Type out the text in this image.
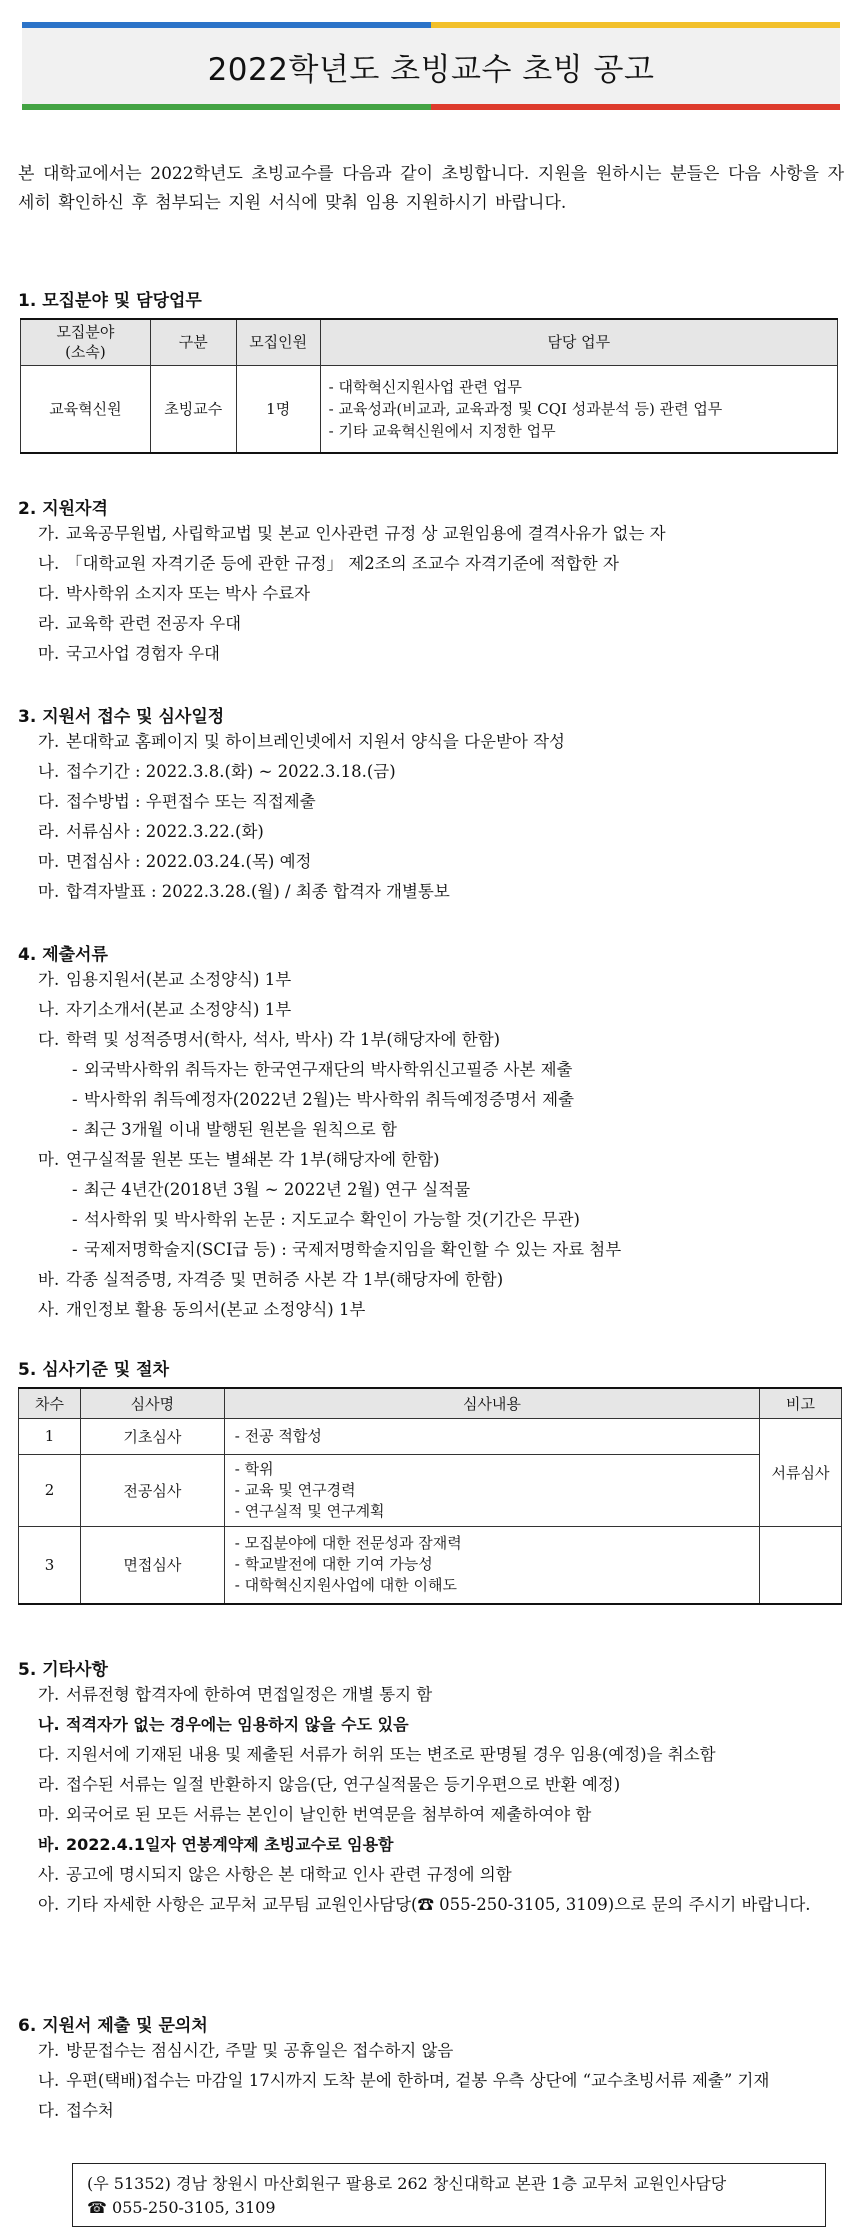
2022학년도 초빙교수 초빙 공고
본 대학교에서는 2022학년도 초빙교수를 다음과 같이 초빙합니다. 지원을 원하시는 분들은 다음 사항을 자세히 확인하신 후 첨부되는 지원 서식에 맞춰 임용 지원하시기 바랍니다.
1. 모집분야 및 담당업무
모집분야
(소속)	구분	모집인원	담당 업무
교육혁신원	초빙교수	1명	- 대학혁신지원사업 관련 업무
- 교육성과(비교과, 교육과정 및 CQI 성과분석 등) 관련 업무
- 기타 교육혁신원에서 지정한 업무
2. 지원자격
가. 교육공무원법, 사립학교법 및 본교 인사관련 규정 상 교원임용에 결격사유가 없는 자
나. 「대학교원 자격기준 등에 관한 규정」 제2조의 조교수 자격기준에 적합한 자
다. 박사학위 소지자 또는 박사 수료자
라. 교육학 관련 전공자 우대
마. 국고사업 경험자 우대
3. 지원서 접수 및 심사일정
가. 본대학교 홈페이지 및 하이브레인넷에서 지원서 양식을 다운받아 작성
나. 접수기간 : 2022.3.8.(화) ~ 2022.3.18.(금)
다. 접수방법 : 우편접수 또는 직접제출
라. 서류심사 : 2022.3.22.(화)
마. 면접심사 : 2022.03.24.(목) 예정
마. 합격자발표 : 2022.3.28.(월) / 최종 합격자 개별통보
4. 제출서류
가. 임용지원서(본교 소정양식) 1부
나. 자기소개서(본교 소정양식) 1부
다. 학력 및 성적증명서(학사, 석사, 박사) 각 1부(해당자에 한함)
- 외국박사학위 취득자는 한국연구재단의 박사학위신고필증 사본 제출
- 박사학위 취득예정자(2022년 2월)는 박사학위 취득예정증명서 제출
- 최근 3개월 이내 발행된 원본을 원칙으로 함
마. 연구실적물 원본 또는 별쇄본 각 1부(해당자에 한함)
- 최근 4년간(2018년 3월 ~ 2022년 2월) 연구 실적물
- 석사학위 및 박사학위 논문 : 지도교수 확인이 가능할 것(기간은 무관)
- 국제저명학술지(SCI급 등) : 국제저명학술지임을 확인할 수 있는 자료 첨부
바. 각종 실적증명, 자격증 및 면허증 사본 각 1부(해당자에 한함)
사. 개인정보 활용 동의서(본교 소정양식) 1부
5. 심사기준 및 절차
차수	심사명	심사내용	비고
1	기초심사	- 전공 적합성	서류심사
2	전공심사	- 학위
- 교육 및 연구경력
- 연구실적 및 연구계획	

3	면접심사	- 모집분야에 대한 전문성과 잠재력
- 학교발전에 대한 기여 가능성
- 대학혁신지원사업에 대한 이해도	

5. 기타사항
가. 서류전형 합격자에 한하여 면접일정은 개별 통지 함
나. 적격자가 없는 경우에는 임용하지 않을 수도 있음
다. 지원서에 기재된 내용 및 제출된 서류가 허위 또는 변조로 판명될 경우 임용(예정)을 취소함
라. 접수된 서류는 일절 반환하지 않음(단, 연구실적물은 등기우편으로 반환 예정)
마. 외국어로 된 모든 서류는 본인이 날인한 번역문을 첨부하여 제출하여야 함
바. 2022.4.1일자 연봉계약제 초빙교수로 임용함
사. 공고에 명시되지 않은 사항은 본 대학교 인사 관련 규정에 의함
아. 기타 자세한 사항은 교무처 교무팀 교원인사담당(☎ 055-250-3105, 3109)으로 문의 주시기 바랍니다.
6. 지원서 제출 및 문의처
가. 방문접수는 점심시간, 주말 및 공휴일은 접수하지 않음
나. 우편(택배)접수는 마감일 17시까지 도착 분에 한하며, 겉봉 우측 상단에 “교수초빙서류 제출” 기재
다. 접수처
(우 51352) 경남 창원시 마산회원구 팔용로 262 창신대학교 본관 1층 교무처 교원인사담당
☎ 055-250-3105, 3109
